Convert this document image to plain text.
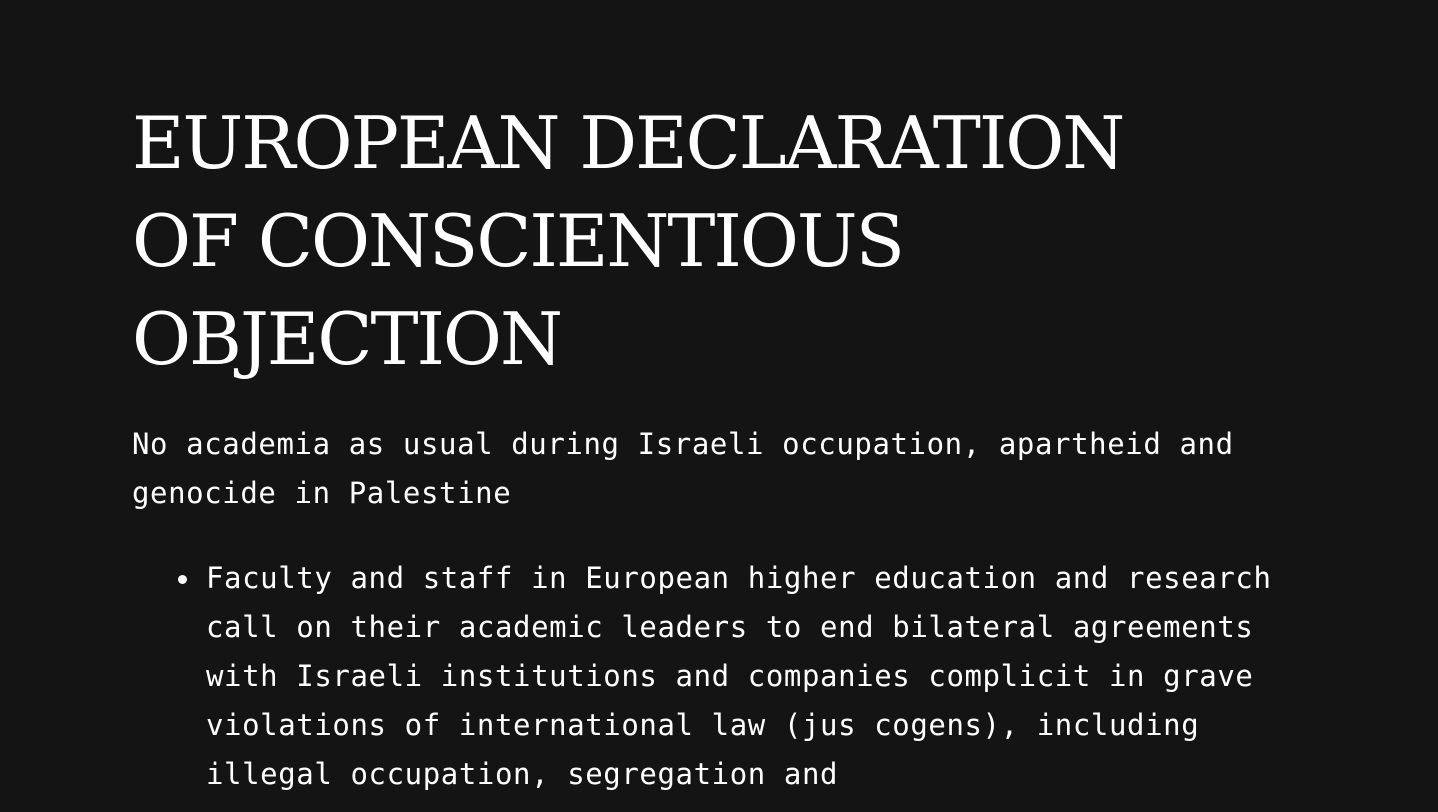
EUROPEAN DECLARATION OF CONSCIENTIOUS OBJECTION

No academia as usual during Israeli occupation, apartheid and genocide in Palestine

Faculty and staff in European higher education and research call on their academic leaders to end bilateral agreements with Israeli institutions and companies complicit in grave violations of international law (jus cogens), including illegal occupation, segregation and
